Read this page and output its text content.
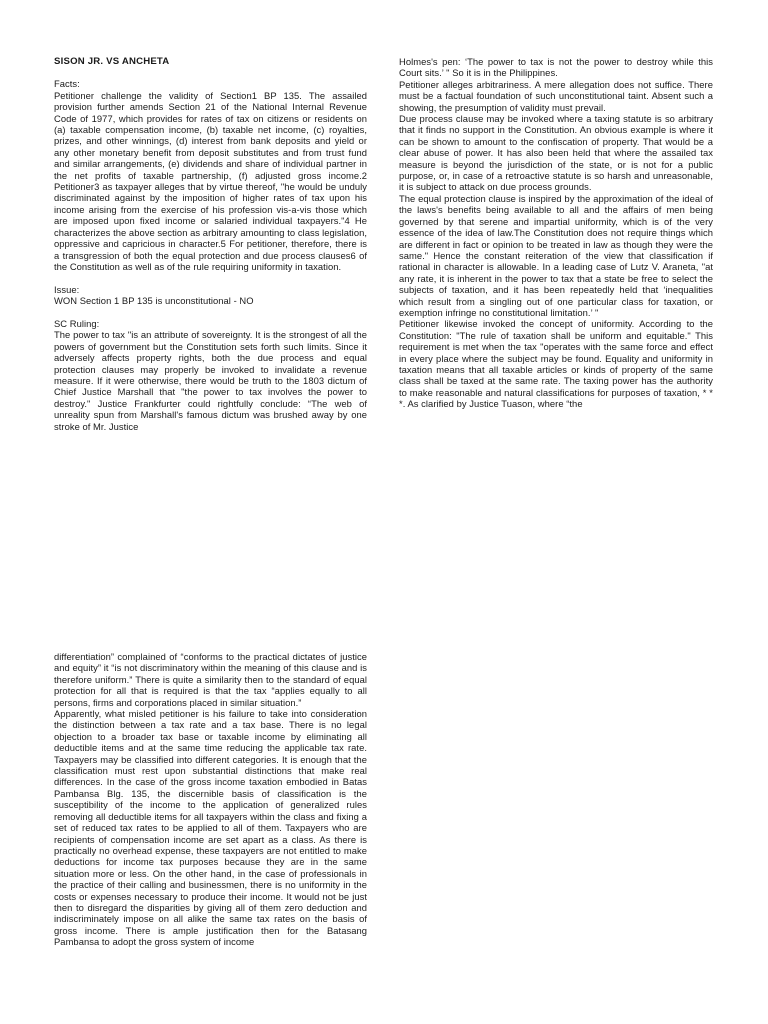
SISON JR. VS ANCHETA

Facts:

Petitioner challenge the validity of Section1 BP 135. The assailed provision further amends Section 21 of the National Internal Revenue Code of 1977, which provides for rates of tax on citizens or residents on (a) taxable compensation income, (b) taxable net income, (c) royalties, prizes, and other winnings, (d) interest from bank deposits and yield or any other monetary benefit from deposit substitutes and from trust fund and similar arrangements, (e) dividends and share of individual partner in the net profits of taxable partnership, (f) adjusted gross income.2 Petitioner3 as taxpayer alleges that by virtue thereof, "he would be unduly discriminated against by the imposition of higher rates of tax upon his income arising from the exercise of his profession vis-a-vis those which are imposed upon fixed income or salaried individual taxpayers."4 He characterizes the above section as arbitrary amounting to class legislation, oppressive and capricious in character.5 For petitioner, therefore, there is a transgression of both the equal protection and due process clauses6 of the Constitution as well as of the rule requiring uniformity in taxation.

Issue:

WON Section 1 BP 135 is unconstitutional - NO

SC Ruling:

The power to tax "is an attribute of sovereignty. It is the strongest of all the powers of government but the Constitution sets forth such limits. Since it adversely affects property rights, both the due process and equal protection clauses may properly be invoked to invalidate a revenue measure. If it were otherwise, there would be truth to the 1803 dictum of Chief Justice Marshall that "the power to tax involves the power to destroy." Justice Frankfurter could rightfully conclude: “The web of unreality spun from Marshall's famous dictum was brushed away by one stroke of Mr. Justice

Holmes's pen: ‘The power to tax is not the power to destroy while this Court sits.’ " So it is in the Philippines.

Petitioner alleges arbitrariness. A mere allegation does not suffice. There must be a factual foundation of such unconstitutional taint. Absent such a showing, the presumption of validity must prevail.

Due process clause may be invoked where a taxing statute is so arbitrary that it finds no support in the Constitution. An obvious example is where it can be shown to amount to the confiscation of property. That would be a clear abuse of power. It has also been held that where the assailed tax measure is beyond the jurisdiction of the state, or is not for a public purpose, or, in case of a retroactive statute is so harsh and unreasonable, it is subject to attack on due process grounds.

The equal protection clause is inspired by the approximation of the ideal of the laws's benefits being available to all and the affairs of men being governed by that serene and impartial uniformity, which is of the very essence of the idea of law.The Constitution does not require things which are different in fact or opinion to be treated in law as though they were the same." Hence the constant reiteration of the view that classification if rational in character is allowable. In a leading case of Lutz V. Araneta, "at any rate, it is inherent in the power to tax that a state be free to select the subjects of taxation, and it has been repeatedly held that ‘inequalities which result from a singling out of one particular class for taxation, or exemption infringe no constitutional limitation.’ "

Petitioner likewise invoked the concept of uniformity. According to the Constitution: "The rule of taxation shall be uniform and equitable." This requirement is met when the tax "operates with the same force and effect in every place where the subject may be found. Equality and uniformity in taxation means that all taxable articles or kinds of property of the same class shall be taxed at the same rate. The taxing power has the authority to make reasonable and natural classifications for purposes of taxation, * * *. As clarified by Justice Tuason, where “the

differentiation” complained of “conforms to the practical dictates of justice and equity” it “is not discriminatory within the meaning of this clause and is therefore uniform.” There is quite a similarity then to the standard of equal protection for all that is required is that the tax “applies equally to all persons, firms and corporations placed in similar situation.”

Apparently, what misled petitioner is his failure to take into consideration the distinction between a tax rate and a tax base. There is no legal objection to a broader tax base or taxable income by eliminating all deductible items and at the same time reducing the applicable tax rate. Taxpayers may be classified into different categories. It is enough that the classification must rest upon substantial distinctions that make real differences. In the case of the gross income taxation embodied in Batas Pambansa Blg. 135, the discernible basis of classification is the susceptibility of the income to the application of generalized rules removing all deductible items for all taxpayers within the class and fixing a set of reduced tax rates to be applied to all of them. Taxpayers who are recipients of compensation income are set apart as a class. As there is practically no overhead expense, these taxpayers are not entitled to make deductions for income tax purposes because they are in the same situation more or less. On the other hand, in the case of professionals in the practice of their calling and businessmen, there is no uniformity in the costs or expenses necessary to produce their income. It would not be just then to disregard the disparities by giving all of them zero deduction and indiscriminately impose on all alike the same tax rates on the basis of gross income. There is ample justification then for the Batasang Pambansa to adopt the gross system of income
